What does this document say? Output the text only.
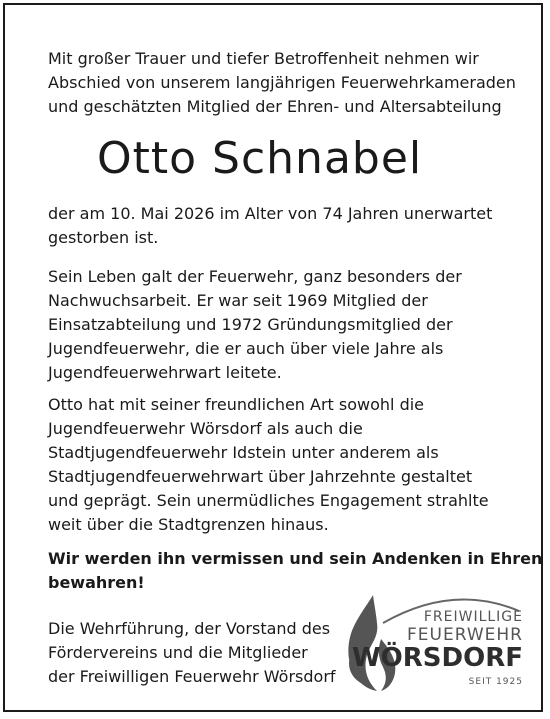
Mit großer Trauer und tiefer Betroffenheit nehmen wir
Abschied von unserem langjährigen Feuerwehrkameraden
und geschätzten Mitglied der Ehren- und Altersabteilung
Otto Schnabel
der am 10. Mai 2026 im Alter von 74 Jahren unerwartet
gestorben ist.
Sein Leben galt der Feuerwehr, ganz besonders der
Nachwuchsarbeit. Er war seit 1969 Mitglied der
Einsatzabteilung und 1972 Gründungsmitglied der
Jugendfeuerwehr, die er auch über viele Jahre als
Jugendfeuerwehrwart leitete.
Otto hat mit seiner freundlichen Art sowohl die
Jugendfeuerwehr Wörsdorf als auch die
Stadtjugendfeuerwehr Idstein unter anderem als
Stadtjugendfeuerwehrwart über Jahrzehnte gestaltet
und geprägt. Sein unermüdliches Engagement strahlte
weit über die Stadtgrenzen hinaus.
Wir werden ihn vermissen und sein Andenken in Ehren
bewahren!
Die Wehrführung, der Vorstand des
Fördervereins und die Mitglieder
der Freiwilligen Feuerwehr Wörsdorf
FREIWILLIGE
FEUERWEHR
WÖRSDORF
SEIT 1925
